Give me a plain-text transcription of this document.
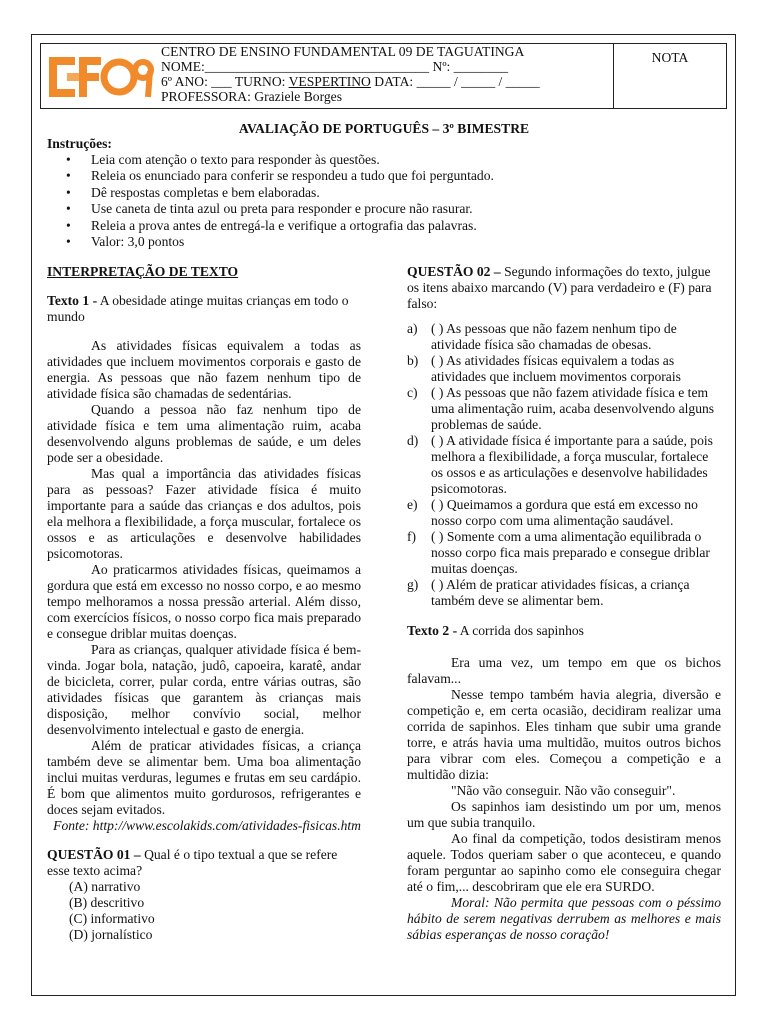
CENTRO DE ENSINO FUNDAMENTAL 09 DE TAGUATINGA
NOME:_________________________________ Nº: ________
6º ANO: ___ TURNO: VESPERTINO DATA: _____ / _____ / _____
PROFESSORA: Graziele Borges
NOTA
AVALIAÇÃO DE PORTUGUÊS – 3º BIMESTRE
Instruções:
• Leia com atenção o texto para responder às questões.
• Releia os enunciado para conferir se respondeu a tudo que foi perguntado.
• Dê respostas completas e bem elaboradas.
• Use caneta de tinta azul ou preta para responder e procure não rasurar.
• Releia a prova antes de entregá-la e verifique a ortografia das palavras.
• Valor: 3,0 pontos
INTERPRETAÇÃO DE TEXTO

Texto 1 - A obesidade atinge muitas crianças em todo o mundo

As atividades físicas equivalem a todas as atividades que incluem movimentos corporais e gasto de energia. As pessoas que não fazem nenhum tipo de atividade física são chamadas de sedentárias.

Quando a pessoa não faz nenhum tipo de atividade física e tem uma alimentação ruim, acaba desenvolvendo alguns problemas de saúde, e um deles pode ser a obesidade.

Mas qual a importância das atividades físicas para as pessoas? Fazer atividade física é muito importante para a saúde das crianças e dos adultos, pois ela melhora a flexibilidade, a força muscular, fortalece os ossos e as articulações e desenvolve habilidades psicomotoras.

Ao praticarmos atividades físicas, queimamos a gordura que está em excesso no nosso corpo, e ao mesmo tempo melhoramos a nossa pressão arterial. Além disso, com exercícios físicos, o nosso corpo fica mais preparado e consegue driblar muitas doenças.

Para as crianças, qualquer atividade física é bem-vinda. Jogar bola, natação, judô, capoeira, karatê, andar de bicicleta, correr, pular corda, entre várias outras, são atividades físicas que garantem às crianças mais disposição, melhor convívio social, melhor desenvolvimento intelectual e gasto de energia.

Além de praticar atividades físicas, a criança também deve se alimentar bem. Uma boa alimentação inclui muitas verduras, legumes e frutas em seu cardápio. É bom que alimentos muito gordurosos, refrigerantes e doces sejam evitados.

Fonte: http://www.escolakids.com/atividades-fisicas.htm

QUESTÃO 01 – Qual é o tipo textual a que se refere esse texto acima?

(A) narrativo
(B) descritivo
(C) informativo
(D) jornalístico

QUESTÃO 02 – Segundo informações do texto, julgue os itens abaixo marcando (V) para verdadeiro e (F) para falso:

a) ( ) As pessoas que não fazem nenhum tipo de atividade física são chamadas de obesas.
b) ( ) As atividades físicas equivalem a todas as atividades que incluem movimentos corporais
c) ( ) As pessoas que não fazem atividade física e tem uma alimentação ruim, acaba desenvolvendo alguns problemas de saúde.
d) ( ) A atividade física é importante para a saúde, pois melhora a flexibilidade, a força muscular, fortalece os ossos e as articulações e desenvolve habilidades psicomotoras.
e) ( ) Queimamos a gordura que está em excesso no nosso corpo com uma alimentação saudável.
f)	( ) Somente com a uma alimentação equilibrada o nosso corpo fica mais preparado e consegue driblar muitas doenças.
g) ( ) Além de praticar atividades físicas, a criança também deve se alimentar bem.

Texto 2 - A corrida dos sapinhos

Era uma vez, um tempo em que os bichos falavam...

Nesse tempo também havia alegria, diversão e competição e, em certa ocasião, decidiram realizar uma corrida de sapinhos. Eles tinham que subir uma grande torre, e atrás havia uma multidão, muitos outros bichos para vibrar com eles. Começou a competição e a multidão dizia:

"Não vão conseguir. Não vão conseguir".

Os sapinhos iam desistindo um por um, menos um que subia tranquilo.

Ao final da competição, todos desistiram menos aquele. Todos queriam saber o que aconteceu, e quando foram perguntar ao sapinho como ele conseguira chegar até o fim,... descobriram que ele era SURDO.

Moral: Não permita que pessoas com o péssimo hábito de serem negativas derrubem as melhores e mais sábias esperanças de nosso coração!
